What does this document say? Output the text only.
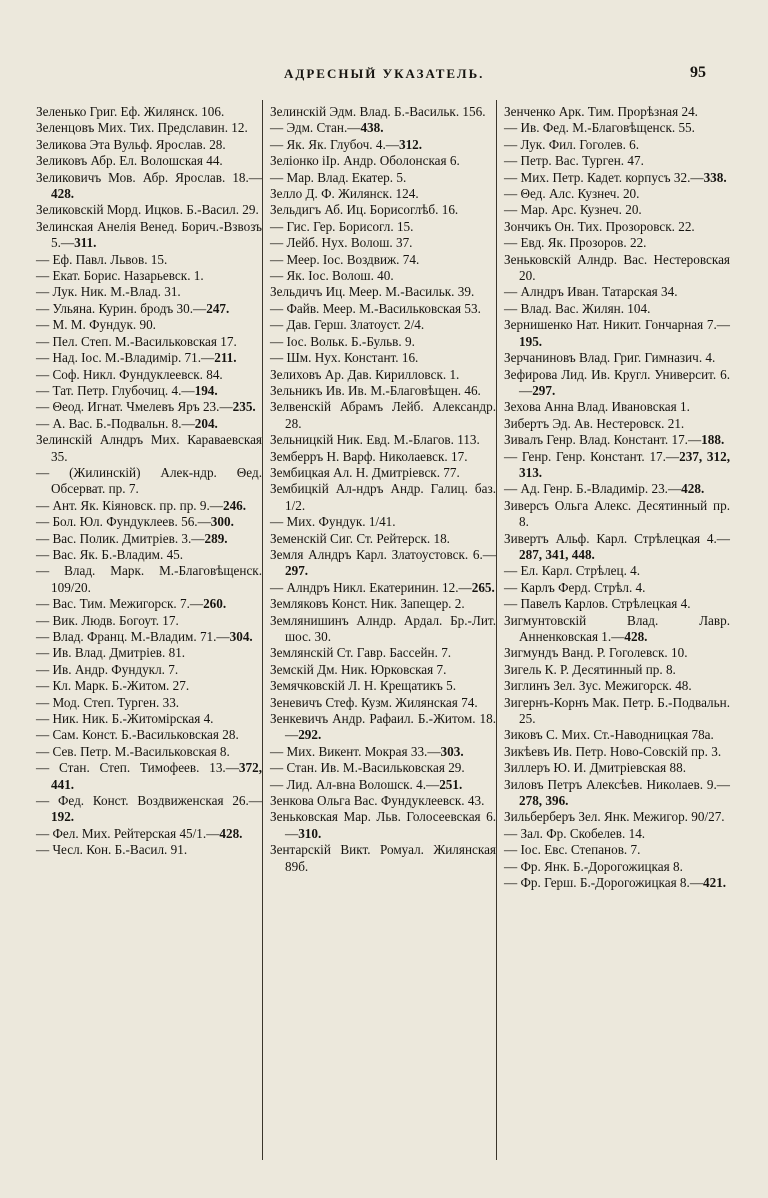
АДРЕСНЫЙ УКАЗАТЕЛЬ.	95

Зеленько Григ. Еф. Жилянск. 106.

Зеленцовъ Мих. Тих. Предславин. 12.

Зеликова Эта Вульф. Ярослав. 28.

Зеликовъ Абр. Ел. Волошская 44.

Зеликовичъ Мов. Абр. Ярослав. 18.—428.

Зеликовскій Морд. Ицков. Б.-Васил. 29.

Зелинская Анелія Венед. Борич.-Взвозъ 5.—311.

— Еф. Павл. Львов. 15.

— Екат. Борис. Назарьевск. 1.

— Лук. Ник. М.-Влад. 31.

— Ульяна. Курин. бродъ 30.—247.

— М. М. Фундук. 90.

— Пел. Степ. М.-Васильковская 17.

— Над. Іос. М.-Владимір. 71.—211.

— Соф. Никл. Фундуклеевск. 84.

— Тат. Петр. Глубочиц. 4.—194.

— Θеод. Игнат. Чмелевъ Яръ 23.—235.

— А. Вас. Б.-Подвальн. 8.—204.

Зелинскій Алндръ Мих. Караваевская 35.

— (Жилинскій) Алек-ндр. Θед. Обсерват. пр. 7.

— Ант. Як. Кіяновск. пр. пр. 9.—246.

— Бол. Юл. Фундуклеев. 56.—300.

— Вас. Полик. Дмитріев. 3.—289.

— Вас. Як. Б.-Владим. 45.

— Влад. Марк. М.-Благовѣщенск. 109/20.

— Вас. Тим. Межигорск. 7.—260.

— Вик. Людв. Богоут. 17.

— Влад. Франц. М.-Владим. 71.—304.

— Ив. Влад. Дмитріев. 81.

— Ив. Андр. Фундукл. 7.

— Кл. Марк. Б.-Житом. 27.

— Мод. Степ. Турген. 33.

— Ник. Ник. Б.-Житомірская 4.

— Сам. Конст. Б.-Васильковская 28.

— Сев. Петр. М.-Васильковская 8.

— Стан. Степ. Тимофеев. 13.—372, 441.

— Фед. Конст. Воздвиженская 26.—192.

— Фел. Мих. Рейтерская 45/1.—428.

— Чесл. Кон. Б.-Васил. 91.

Зелинскій Эдм. Влад. Б.-Васильк. 156.

— Эдм. Стан.—438.

— Як. Як. Глубоч. 4.—312.

Зеліонко іІр. Андр. Оболонская 6.

— Мар. Влад. Екатер. 5.

Зелло Д. Ф. Жилянск. 124.

Зельдигъ Аб. Иц. Борисоглѣб. 16.

— Гис. Гер. Борисогл. 15.

— Лейб. Нух. Волош. 37.

— Меер. Іос. Воздвиж. 74.

— Як. Іос. Волош. 40.

Зельдичъ Иц. Меер. М.-Васильк. 39.

— Файв. Меер. М.-Васильковская 53.

— Дав. Герш. Златоуст. 2/4.

— Іос. Вольк. Б.-Бульв. 9.

— Шм. Нух. Констант. 16.

Зелиховъ Ар. Дав. Кирилловск. 1.

Зельникъ Ив. Ив. М.-Благовѣщен. 46.

Зелвенскій Абрамъ Лейб. Александр. 28.

Зельницкій Ник. Евд. М.-Благов. 113.

Земберръ Н. Варф. Николаевск. 17.

Зембицкая Ал. Н. Дмитріевск. 77.

Зембицкій Ал-ндръ Андр. Галиц. баз. 1/2.

— Мих. Фундук. 1/41.

Земенскій Сиг. Ст. Рейтерск. 18.

Земля Алндръ Карл. Златоустовск. 6.—297.

— Алндръ Никл. Екатеринин. 12.—265.

Земляковъ Конст. Ник. Запещер. 2.

Землянишинъ Алндр. Ардал. Бр.-Лит. шос. 30.

Землянскій Ст. Гавр. Бассейн. 7.

Земскій Дм. Ник. Юрковская 7.

Земячковскій Л. Н. Крещатикъ 5.

Зеневичъ Стеф. Кузм. Жилянская 74.

Зенкевичъ Андр. Рафаил. Б.-Житом. 18.—292.

— Мих. Викент. Мокрая 33.—303.

— Стан. Ив. М.-Васильковская 29.

— Лид. Ал-вна Волошск. 4.—251.

Зенкова Ольга Вас. Фундуклеевск. 43.

Зеньковская Мар. Льв. Голосеевская 6.—310.

Зентарскій Викт. Ромуал. Жилянская 89б.

Зенченко Арк. Тим. Прорѣзная 24.

— Ив. Фед. М.-Благовѣщенск. 55.

— Лук. Фил. Гоголев. 6.

— Петр. Вас. Турген. 47.

— Мих. Петр. Кадет. корпусъ 32.—338.

— Θед. Алс. Кузнеч. 20.

— Мар. Арс. Кузнеч. 20.

Зончикъ Он. Тих. Прозоровск. 22.

— Евд. Як. Прозоров. 22.

Зеньковскій Алндр. Вас. Нестеровская 20.

— Алндръ Иван. Татарская 34.

— Влад. Вас. Жилян. 104.

Зернишенко Нат. Никит. Гончарная 7.—195.

Зерчаниновъ Влад. Григ. Гимназич. 4.

Зефирова Лид. Ив. Кругл. Университ. 6.—297.

Зехова Анна Влад. Ивановская 1.

Зибертъ Эд. Ав. Нестеровск. 21.

Зивалъ Генр. Влад. Констант. 17.—188.

— Генр. Генр. Констант. 17.—237, 312, 313.

— Ад. Генр. Б.-Владимір. 23.—428.

Зиверсъ Ольга Алекс. Десятинный пр. 8.

Зивертъ Альф. Карл. Стрѣлецкая 4.—287, 341, 448.

— Ел. Карл. Стрѣлец. 4.

— Карлъ Ферд. Стрѣл. 4.

— Павелъ Карлов. Стрѣлецкая 4.

Зигмунтовскій Влад. Лавр. Анненковская 1.—428.

Зигмундъ Ванд. Р. Гоголевск. 10.

Зигель К. Р. Десятинный пр. 8.

Зиглинъ Зел. Зус. Межигорск. 48.

Зигернъ-Корнъ Мак. Петр. Б.-Подвальн. 25.

Зиковъ С. Мих. Ст.-Наводницкая 78а.

Зикѣевъ Ив. Петр. Ново-Совскій пр. 3.

Зиллеръ Ю. И. Дмитріевская 88.

Зиловъ Петръ Алексѣев. Николаев. 9.—278, 396.

Зильберберъ Зел. Янк. Межигор. 90/27.

— Зал. Фр. Скобелев. 14.

— Іос. Евс. Степанов. 7.

— Фр. Янк. Б.-Дорогожицкая 8.

— Фр. Герш. Б.-Дорогожицкая 8.—421.
